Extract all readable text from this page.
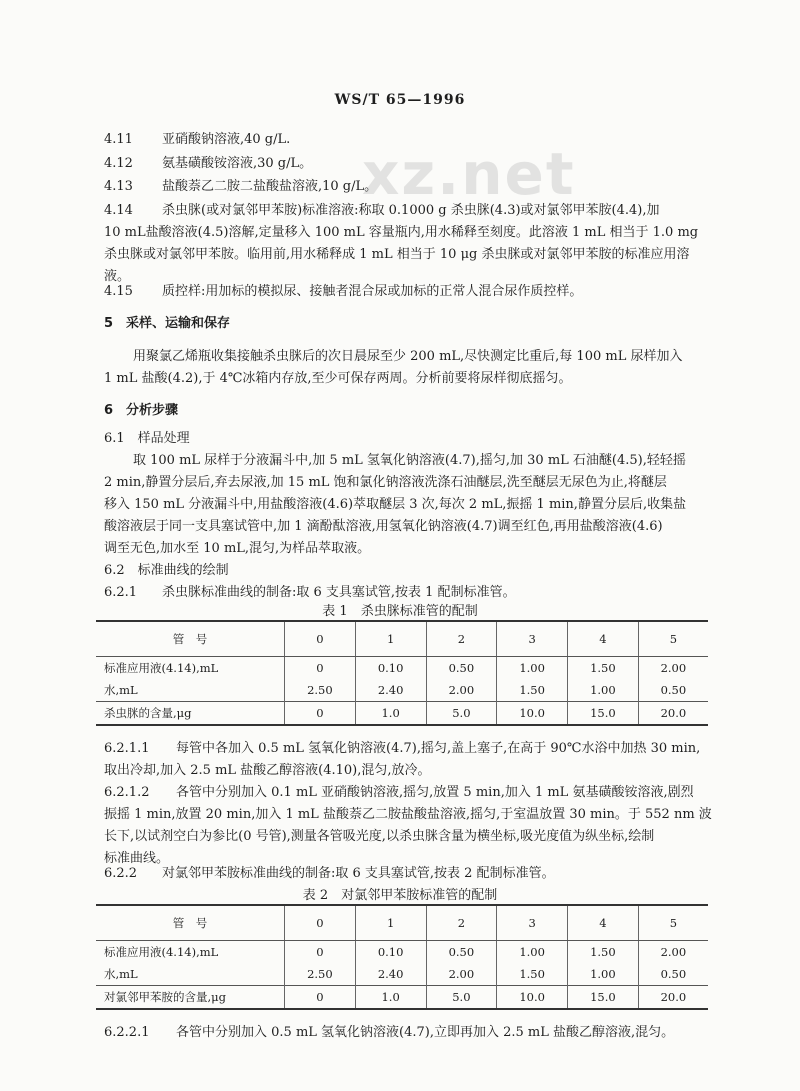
xz.net
WS/T 65—1996
4.11 亚硝酸钠溶液,40 g/L.
4.12 氨基磺酸铵溶液,30 g/L。
4.13 盐酸萘乙二胺二盐酸盐溶液,10 g/L。
4.14 杀虫脒(或对氯邻甲苯胺)标准溶液:称取 0.1000 g 杀虫脒(4.3)或对氯邻甲苯胺(4.4),加
10 mL盐酸溶液(4.5)溶解,定量移入 100 mL 容量瓶内,用水稀释至刻度。此溶液 1 mL 相当于 1.0 mg
杀虫脒或对氯邻甲苯胺。临用前,用水稀释成 1 mL 相当于 10 μg 杀虫脒或对氯邻甲苯胺的标准应用溶
液。
4.15 质控样:用加标的模拟尿、接触者混合尿或加标的正常人混合尿作质控样。
5　采样、运输和保存
用聚氯乙烯瓶收集接触杀虫脒后的次日晨尿至少 200 mL,尽快测定比重后,每 100 mL 尿样加入
1 mL 盐酸(4.2),于 4℃冰箱内存放,至少可保存两周。分析前要将尿样彻底摇匀。
6　分析步骤
6.1　样品处理
取 100 mL 尿样于分液漏斗中,加 5 mL 氢氧化钠溶液(4.7),摇匀,加 30 mL 石油醚(4.5),轻轻摇
2 min,静置分层后,弃去尿液,加 15 mL 饱和氯化钠溶液洗涤石油醚层,洗至醚层无尿色为止,将醚层
移入 150 mL 分液漏斗中,用盐酸溶液(4.6)萃取醚层 3 次,每次 2 mL,振摇 1 min,静置分层后,收集盐
酸溶液层于同一支具塞试管中,加 1 滴酚酞溶液,用氢氧化钠溶液(4.7)调至红色,再用盐酸溶液(4.6)
调至无色,加水至 10 mL,混匀,为样品萃取液。
6.2　标准曲线的绘制
6.2.1 杀虫脒标准曲线的制备:取 6 支具塞试管,按表 1 配制标准管。
表 1　杀虫脒标准管的配制
管　号	0	1	2	3	4	5
标准应用液(4.14),mL	0	0.10	0.50	1.00	1.50	2.00
水,mL	2.50	2.40	2.00	1.50	1.00	0.50
杀虫脒的含量,μg	0	1.0	5.0	10.0	15.0	20.0
6.2.1.1 每管中各加入 0.5 mL 氢氧化钠溶液(4.7),摇匀,盖上塞子,在高于 90℃水浴中加热 30 min,
取出冷却,加入 2.5 mL 盐酸乙醇溶液(4.10),混匀,放冷。
6.2.1.2 各管中分别加入 0.1 mL 亚硝酸钠溶液,摇匀,放置 5 min,加入 1 mL 氨基磺酸铵溶液,剧烈
振摇 1 min,放置 20 min,加入 1 mL 盐酸萘乙二胺盐酸盐溶液,摇匀,于室温放置 30 min。于 552 nm 波
长下,以试剂空白为参比(0 号管),测量各管吸光度,以杀虫脒含量为横坐标,吸光度值为纵坐标,绘制
标准曲线。
6.2.2 对氯邻甲苯胺标准曲线的制备:取 6 支具塞试管,按表 2 配制标准管。
表 2　对氯邻甲苯胺标准管的配制
管　号	0	1	2	3	4	5
标准应用液(4.14),mL	0	0.10	0.50	1.00	1.50	2.00
水,mL	2.50	2.40	2.00	1.50	1.00	0.50
对氯邻甲苯胺的含量,μg	0	1.0	5.0	10.0	15.0	20.0
6.2.2.1 各管中分别加入 0.5 mL 氢氧化钠溶液(4.7),立即再加入 2.5 mL 盐酸乙醇溶液,混匀。
